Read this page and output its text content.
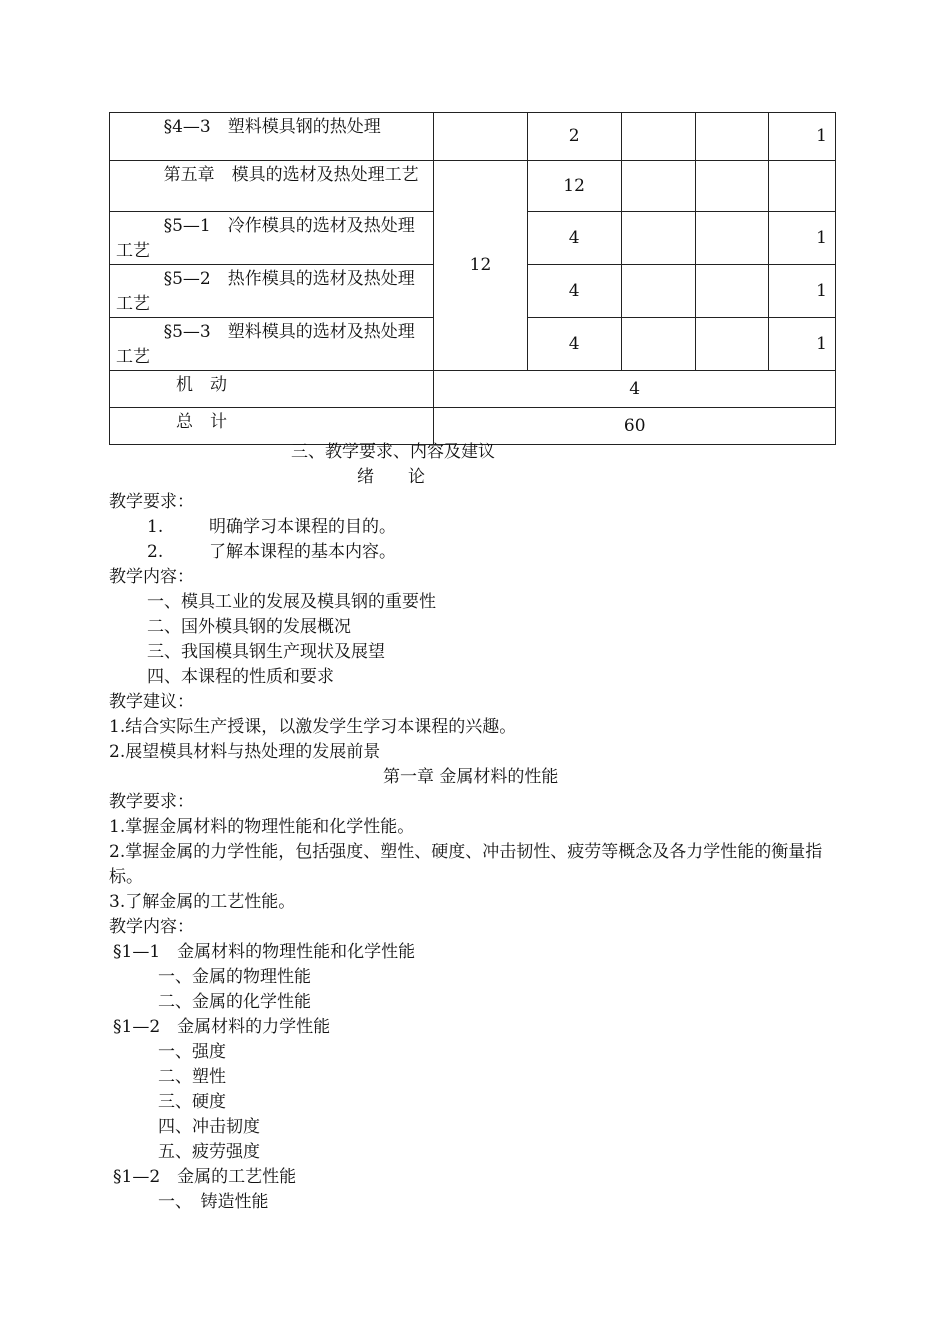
§4—3　塑料模具钢的热处理		2			1
第五章　模具的选材及热处理工艺	12	12			
§5—1　冷作模具的选材及热处理工艺		4			1
§5—2　热作模具的选材及热处理工艺		4			1
§5—3　塑料模具的选材及热处理工艺		4			1
机　动	4				
总　计	60				
三、教学要求、内容及建议
绪　　论
教学要求：
1.	明确学习本课程的目的。
2.	了解本课程的基本内容。
教学内容：
一、模具工业的发展及模具钢的重要性
二、国外模具钢的发展概况
三、我国模具钢生产现状及展望
四、本课程的性质和要求
教学建议：
1.结合实际生产授课，以激发学生学习本课程的兴趣。
2.展望模具材料与热处理的发展前景
第一章 金属材料的性能
教学要求：
1.掌握金属材料的物理性能和化学性能。
2.掌握金属的力学性能，包括强度、塑性、硬度、冲击韧性、疲劳等概念及各力学性能的衡量指标。
3.了解金属的工艺性能。
教学内容：
§1—1　金属材料的物理性能和化学性能
一、金属的物理性能
二、金属的化学性能
§1—2　金属材料的力学性能
一、强度
二、塑性
三、硬度
四、冲击韧度
五、疲劳强度
§1—2　金属的工艺性能
一、　铸造性能
